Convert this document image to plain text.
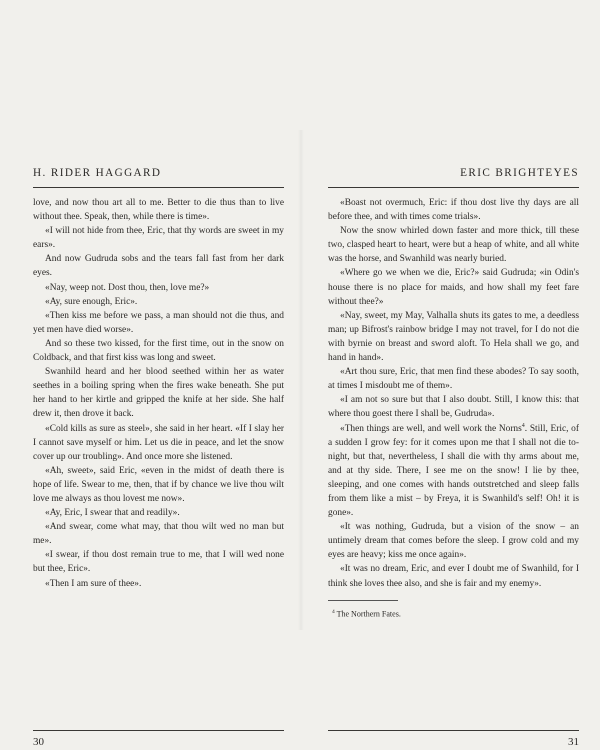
H. RIDER HAGGARD

love, and now thou art all to me. Better to die thus than to live without thee. Speak, then, while there is time».

«I will not hide from thee, Eric, that thy words are sweet in my ears».

And now Gudruda sobs and the tears fall fast from her dark eyes.

«Nay, weep not. Dost thou, then, love me?»

«Ay, sure enough, Eric».

«Then kiss me before we pass, a man should not die thus, and yet men have died worse».

And so these two kissed, for the first time, out in the snow on Coldback, and that first kiss was long and sweet.

Swanhild heard and her blood seethed within her as water seethes in a boiling spring when the fires wake beneath. She put her hand to her kirtle and gripped the knife at her side. She half drew it, then drove it back.

«Cold kills as sure as steel», she said in her heart. «If I slay her I cannot save myself or him. Let us die in peace, and let the snow cover up our troubling». And once more she listened.

«Ah, sweet», said Eric, «even in the midst of death there is hope of life. Swear to me, then, that if by chance we live thou wilt love me always as thou lovest me now».

«Ay, Eric, I swear that and readily».

«And swear, come what may, that thou wilt wed no man but me».

«I swear, if thou dost remain true to me, that I will wed none but thee, Eric».

«Then I am sure of thee».

30
ERIC BRIGHTEYES

«Boast not overmuch, Eric: if thou dost live thy days are all before thee, and with times come trials».

Now the snow whirled down faster and more thick, till these two, clasped heart to heart, were but a heap of white, and all white was the horse, and Swanhild was nearly buried.

«Where go we when we die, Eric?» said Gudruda; «in Odin's house there is no place for maids, and how shall my feet fare without thee?»

«Nay, sweet, my May, Valhalla shuts its gates to me, a deedless man; up Bifrost's rainbow bridge I may not travel, for I do not die with byrnie on breast and sword aloft. To Hela shall we go, and hand in hand».

«Art thou sure, Eric, that men find these abodes? To say sooth, at times I misdoubt me of them».

«I am not so sure but that I also doubt. Still, I know this: that where thou goest there I shall be, Gudruda».

«Then things are well, and well work the Norns$^4$. Still, Eric, of a sudden I grow fey: for it comes upon me that I shall not die to-night, but that, nevertheless, I shall die with thy arms about me, and at thy side. There, I see me on the snow! I lie by thee, sleeping, and one comes with hands outstretched and sleep falls from them like a mist – by Freya, it is Swanhild's self! Oh! it is gone».

«It was nothing, Gudruda, but a vision of the snow – an untimely dream that comes before the sleep. I grow cold and my eyes are heavy; kiss me once again».

«It was no dream, Eric, and ever I doubt me of Swanhild, for I think she loves thee also, and she is fair and my enemy».

$^4$ The Northern Fates.
31
